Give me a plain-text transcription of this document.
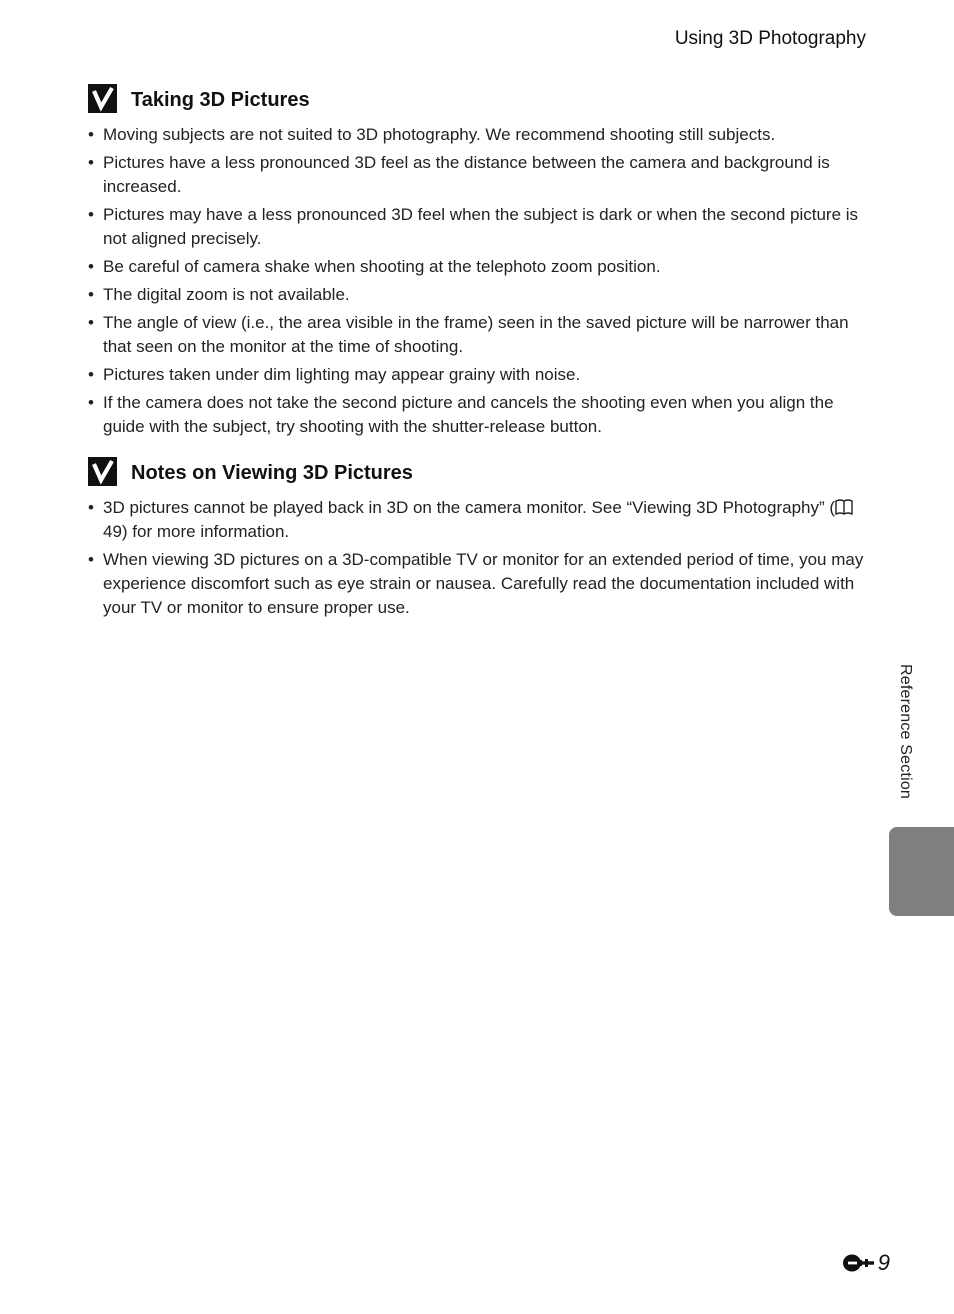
Using 3D Photography
Taking 3D Pictures
• Moving subjects are not suited to 3D photography. We recommend shooting still subjects.
• Pictures have a less pronounced 3D feel as the distance between the camera and background is increased.
• Pictures may have a less pronounced 3D feel when the subject is dark or when the second picture is not aligned precisely.
• Be careful of camera shake when shooting at the telephoto zoom position.
• The digital zoom is not available.
• The angle of view (i.e., the area visible in the frame) seen in the saved picture will be narrower than that seen on the monitor at the time of shooting.
• Pictures taken under dim lighting may appear grainy with noise.
• If the camera does not take the second picture and cancels the shooting even when you align the guide with the subject, try shooting with the shutter-release button.
Notes on Viewing 3D Pictures
• 3D pictures cannot be played back in 3D on the camera monitor. See “Viewing 3D Photography” (49) for more information.
• When viewing 3D pictures on a 3D-compatible TV or monitor for an extended period of time, you may experience discomfort such as eye strain or nausea. Carefully read the documentation included with your TV or monitor to ensure proper use.
Reference Section
9
